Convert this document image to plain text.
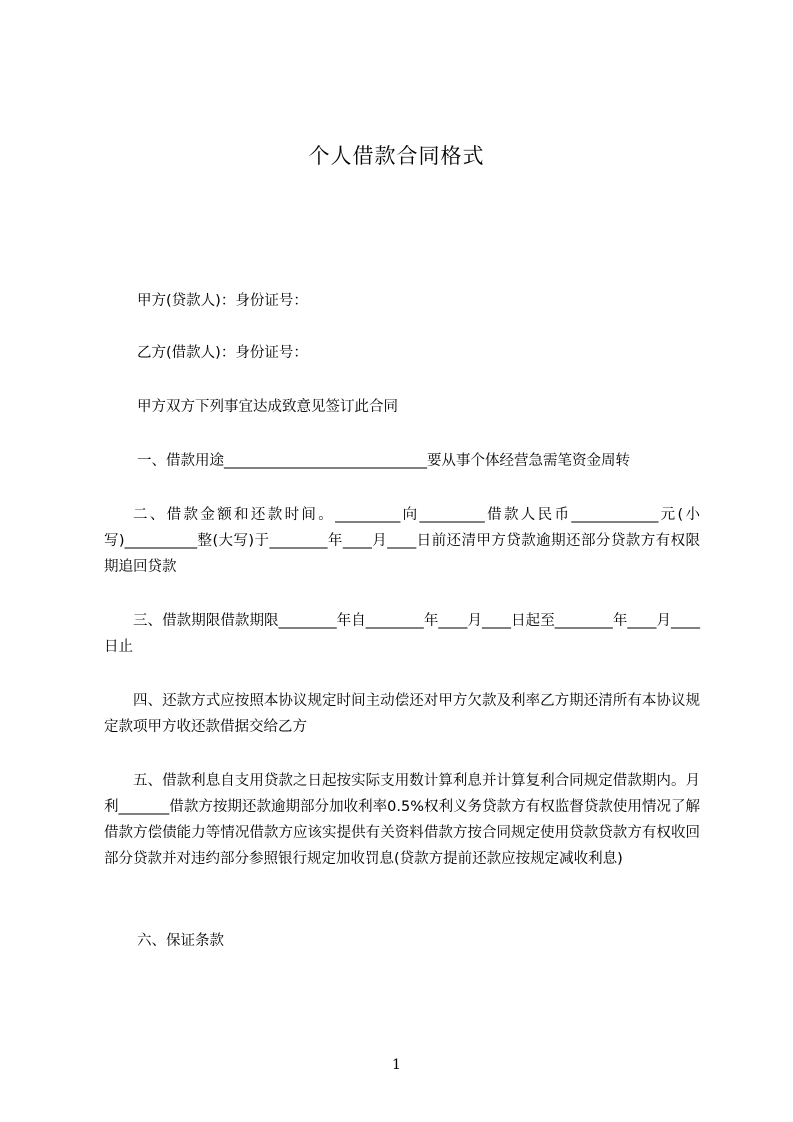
个人借款合同格式
甲方(贷款人)：身份证号：
乙方(借款人)：身份证号：
甲方双方下列事宜达成致意见签订此合同
一、借款用途____________________________要从事个体经营急需笔资金周转
二、借款金额和还款时间。_________向_________借款人民币____________元(小写)__________整(大写)于________年____月____日前还清甲方贷款逾期还部分贷款方有权限期追回贷款
三、借款期限借款期限________年自________年____月____日起至________年____月____日止
四、还款方式应按照本协议规定时间主动偿还对甲方欠款及利率乙方期还清所有本协议规定款项甲方收还款借据交给乙方
五、借款利息自支用贷款之日起按实际支用数计算利息并计算复利合同规定借款期内。月利_______借款方按期还款逾期部分加收利率0.5%权利义务贷款方有权监督贷款使用情况了解借款方偿债能力等情况借款方应该实提供有关资料借款方按合同规定使用贷款贷款方有权收回部分贷款并对违约部分参照银行规定加收罚息(贷款方提前还款应按规定减收利息)
六、保证条款
1
